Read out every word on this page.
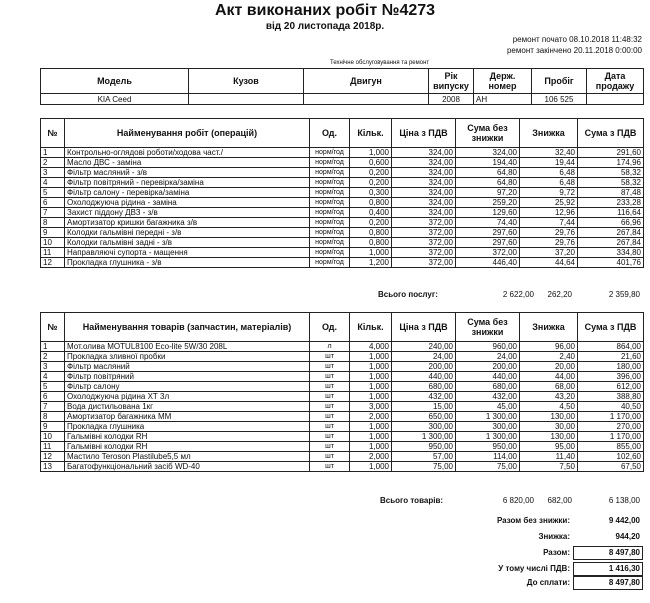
Акт виконаних робіт №4273
від 20 листопада 2018р.
ремонт почато 08.10.2018 11:48:32
ремонт закінчено 20.11.2018 0:00:00
Технічне обслуговування та ремонт
Модель	Кузов	Двигун	Рік випуску	Держ. номер	Пробіг	Дата продажу
KIA Ceed			2008	АН	106 525	
№	Найменування робіт (операцій)	Од.	Кільк.	Ціна з ПДВ	Сума без знижки	Знижка	Сума з ПДВ
1	Контрольно-оглядові роботи/ходова част./	норм/год	1,000	324,00	324,00	32,40	291,60
2	Масло ДВС - заміна	норм/год	0,600	324,00	194,40	19,44	174,96
3	Фільтр масляний - з/в	норм/год	0,200	324,00	64,80	6,48	58,32
4	Фільтр повітряний - перевірка/заміна	норм/год	0,200	324,00	64,80	6,48	58,32
5	Фільтр салону - перевірка/заміна	норм/год	0,300	324,00	97,20	9,72	87,48
6	Охолоджуюча рідина - заміна	норм/год	0,800	324,00	259,20	25,92	233,28
7	Захист піддону ДВЗ - з/в	норм/год	0,400	324,00	129,60	12,96	116,64
8	Амортизатор кришки багажника з/в	норм/год	0,200	372,00	74,40	7,44	66,96
9	Колодки гальмівні передні - з/в	норм/год	0,800	372,00	297,60	29,76	267,84
10	Колодки гальмівні задні - з/в	норм/год	0,800	372,00	297,60	29,76	267,84
11	Направляючі супорта - мащення	норм/год	1,000	372,00	372,00	37,20	334,80
12	Прокладка глушника - з/в	норм/год	1,200	372,00	446,40	44,64	401,76
Всього послуг:	2 622,00	262,20	2 359,80
№	Найменування товарів (запчастин, матеріалів)	Од.	Кільк.	Ціна з ПДВ	Сума без знижки	Знижка	Сума з ПДВ
1	Мот.олива MOTUL8100 Eco-lite 5W/30 208L	л	4,000	240,00	960,00	96,00	864,00
2	Прокладка зливної пробки	шт	1,000	24,00	24,00	2,40	21,60
3	Фільтр масляний	шт	1,000	200,00	200,00	20,00	180,00
4	Фільтр повітряний	шт	1,000	440,00	440,00	44,00	396,00
5	Фільтр салону	шт	1,000	680,00	680,00	68,00	612,00
6	Охолоджуюча рідина ХТ 3л	шт	1,000	432,00	432,00	43,20	388,80
7	Вода дистильована 1кг	шт	3,000	15,00	45,00	4,50	40,50
8	Амортизатор багажника ММ	шт	2,000	650,00	1 300,00	130,00	1 170,00
9	Прокладка глушника	шт	1,000	300,00	300,00	30,00	270,00
10	Гальмівні колодки RH	шт	1,000	1 300,00	1 300,00	130,00	1 170,00
11	Гальмівні колодки RH	шт	1,000	950,00	950,00	95,00	855,00
12	Мастило Teroson Plastilube5,5 мл	шт	2,000	57,00	114,00	11,40	102,60
13	Багатофункціональний засіб WD-40	шт	1,000	75,00	75,00	7,50	67,50
Всього товарів:	6 820,00	682,00	6 138,00
Разом без знижки:	9 442,00
Знижка:	944,20
Разом:	8 497,80
У тому числі ПДВ:	1 416,30
До сплати:	8 497,80
